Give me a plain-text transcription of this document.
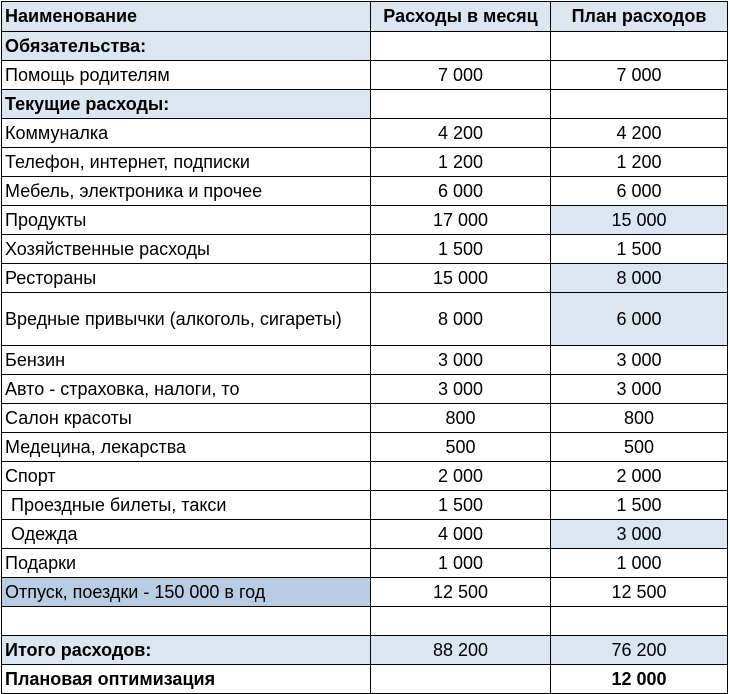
Наименование	Расходы в месяц	План расходов
Обязательства:		
Помощь родителям	7 000	7 000
Текущие расходы:		
Коммуналка	4 200	4 200
Телефон, интернет, подписки	1 200	1 200
Мебель, электроника и прочее	6 000	6 000
Продукты	17 000	15 000
Хозяйственные расходы	1 500	1 500
Рестораны	15 000	8 000
Вредные привычки (алкоголь, сигареты)	8 000	6 000
Бензин	3 000	3 000
Авто - страховка, налоги, то	3 000	3 000
Салон красоты	800	800
Медецина, лекарства	500	500
Спорт	2 000	2 000
Проездные билеты, такси	1 500	1 500
Одежда	4 000	3 000
Подарки	1 000	1 000
Отпуск, поездки - 150 000 в год	12 500	12 500

Итого расходов:	88 200	76 200
Плановая оптимизация		12 000
